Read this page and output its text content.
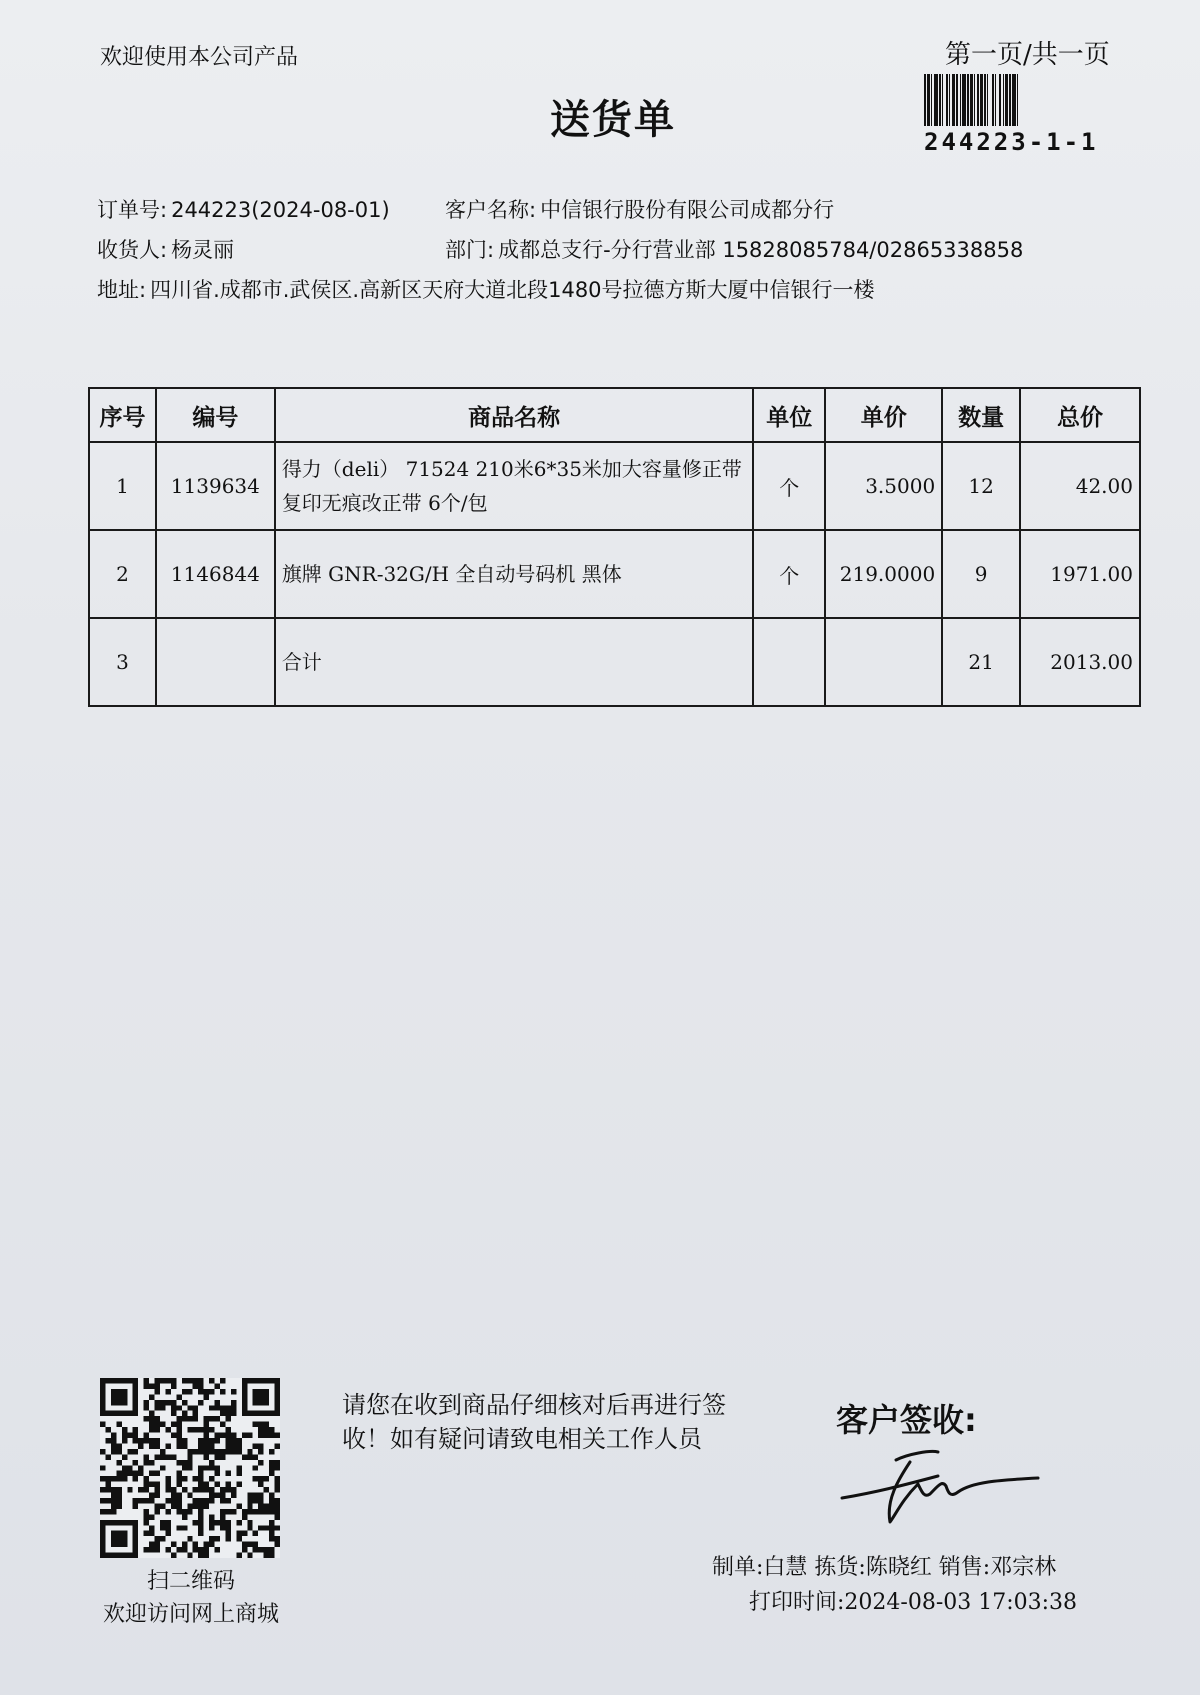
欢迎使用本公司产品	第一页/共一页
送货单	244223-1-1
订单号: 244223(2024-08-01)	客户名称: 中信银行股份有限公司成都分行
收货人: 杨灵丽	部门: 成都总支行-分行营业部 15828085784/02865338858
地址: 四川省.成都市.武侯区.高新区天府大道北段1480号拉德方斯大厦中信银行一楼
序号	编号	商品名称	单位	单价	数量	总价
1	1139634	得力（deli） 71524 210米6*35米加大容量修正带 复印无痕改正带 6个/包	个	3.5000	12	42.00
2	1146844	旗牌 GNR-32G/H 全自动号码机 黑体	个	219.0000	9	1971.00
3		合计			21	2013.00
扫二维码
欢迎访问网上商城
请您在收到商品仔细核对后再进行签收！如有疑问请致电相关工作人员	客户签收:
制单:白慧 拣货:陈晓红 销售:邓宗林
打印时间:2024-08-03 17:03:38
